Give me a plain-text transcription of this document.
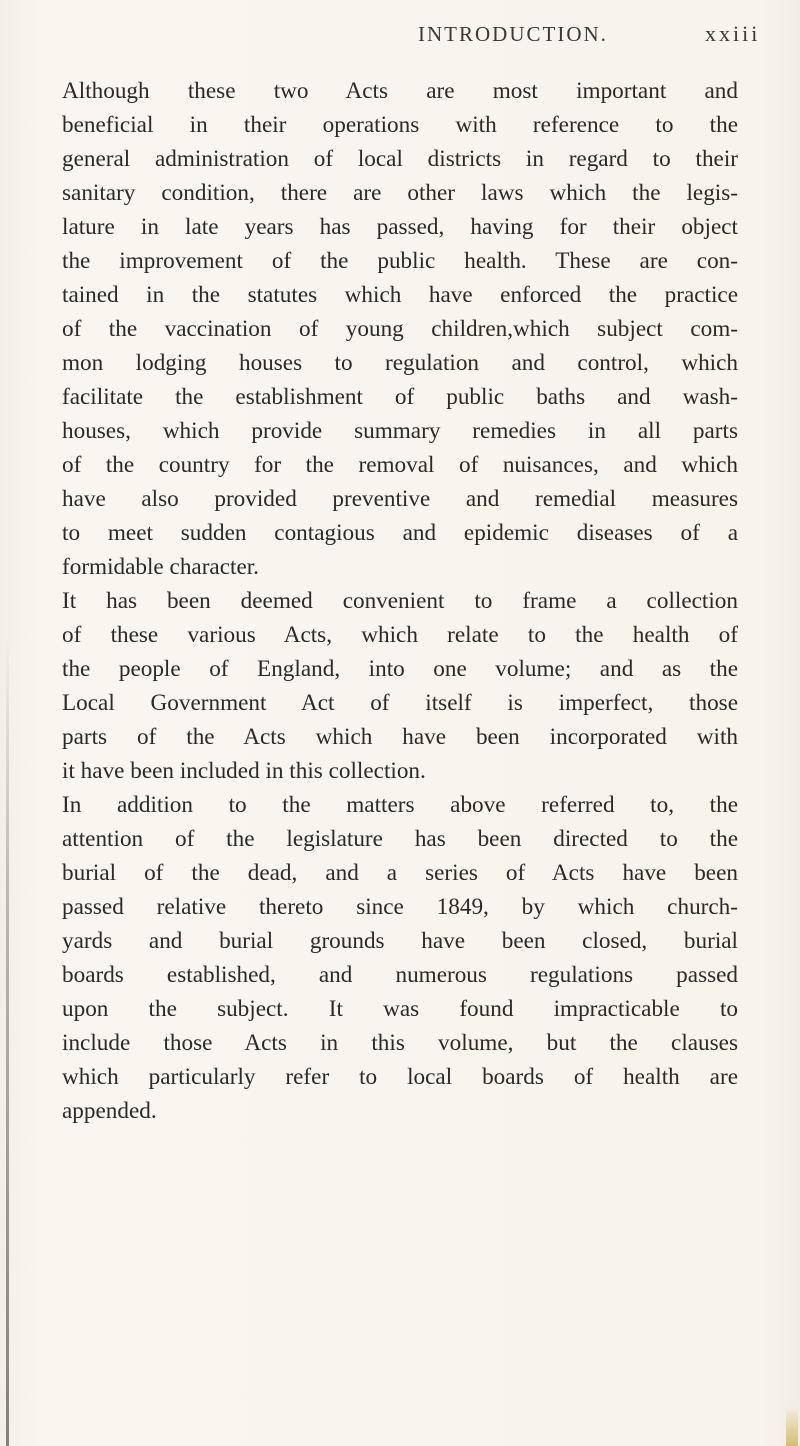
INTRODUCTION.	xxiii
Although these two Acts are most important and
beneficial in their operations with reference to the
general administration of local districts in regard to their
sanitary condition, there are other laws which the legis-
lature in late years has passed, having for their object
the improvement of the public health. These are con-
tained in the statutes which have enforced the practice
of the vaccination of young children,which subject com-
mon lodging houses to regulation and control, which
facilitate the establishment of public baths and wash-
houses, which provide summary remedies in all parts
of the country for the removal of nuisances, and which
have also provided preventive and remedial measures
to meet sudden contagious and epidemic diseases of a
formidable character.
It has been deemed convenient to frame a collection
of these various Acts, which relate to the health of
the people of England, into one volume; and as the
Local Government Act of itself is imperfect, those
parts of the Acts which have been incorporated with
it have been included in this collection.
In addition to the matters above referred to, the
attention of the legislature has been directed to the
burial of the dead, and a series of Acts have been
passed relative thereto since 1849, by which church-
yards and burial grounds have been closed, burial
boards established, and numerous regulations passed
upon the subject. It was found impracticable to
include those Acts in this volume, but the clauses
which particularly refer to local boards of health are
appended.
